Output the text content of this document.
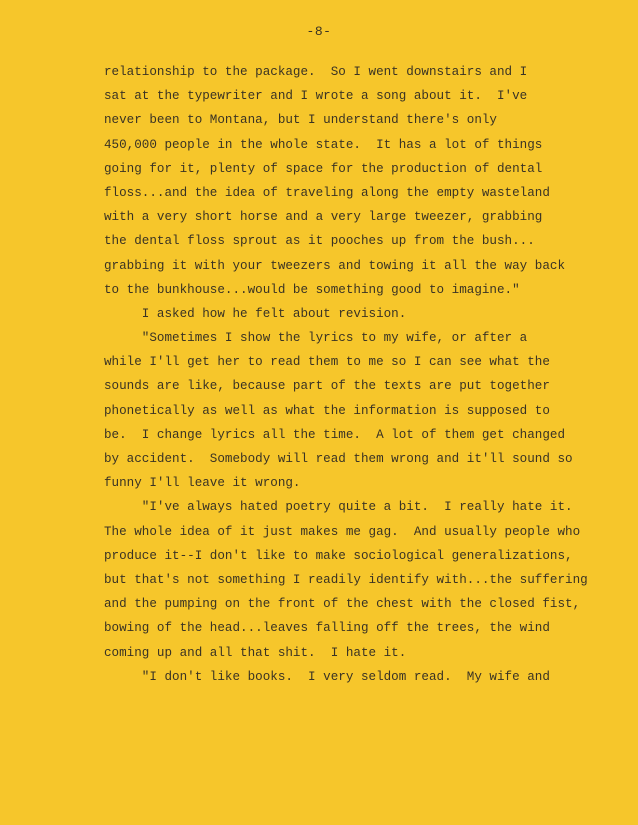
-8-
relationship to the package.  So I went downstairs and I
sat at the typewriter and I wrote a song about it.  I've
never been to Montana, but I understand there's only
450,000 people in the whole state.  It has a lot of things
going for it, plenty of space for the production of dental
floss...and the idea of traveling along the empty wasteland
with a very short horse and a very large tweezer, grabbing
the dental floss sprout as it pooches up from the bush...
grabbing it with your tweezers and towing it all the way back
to the bunkhouse...would be something good to imagine."
I asked how he felt about revision.
"Sometimes I show the lyrics to my wife, or after a
while I'll get her to read them to me so I can see what the
sounds are like, because part of the texts are put together
phonetically as well as what the information is supposed to
be.  I change lyrics all the time.  A lot of them get changed
by accident.  Somebody will read them wrong and it'll sound so
funny I'll leave it wrong.
"I've always hated poetry quite a bit.  I really hate it.
The whole idea of it just makes me gag.  And usually people who
produce it--I don't like to make sociological generalizations,
but that's not something I readily identify with...the suffering
and the pumping on the front of the chest with the closed fist,
bowing of the head...leaves falling off the trees, the wind
coming up and all that shit.  I hate it.
"I don't like books.  I very seldom read.  My wife and
